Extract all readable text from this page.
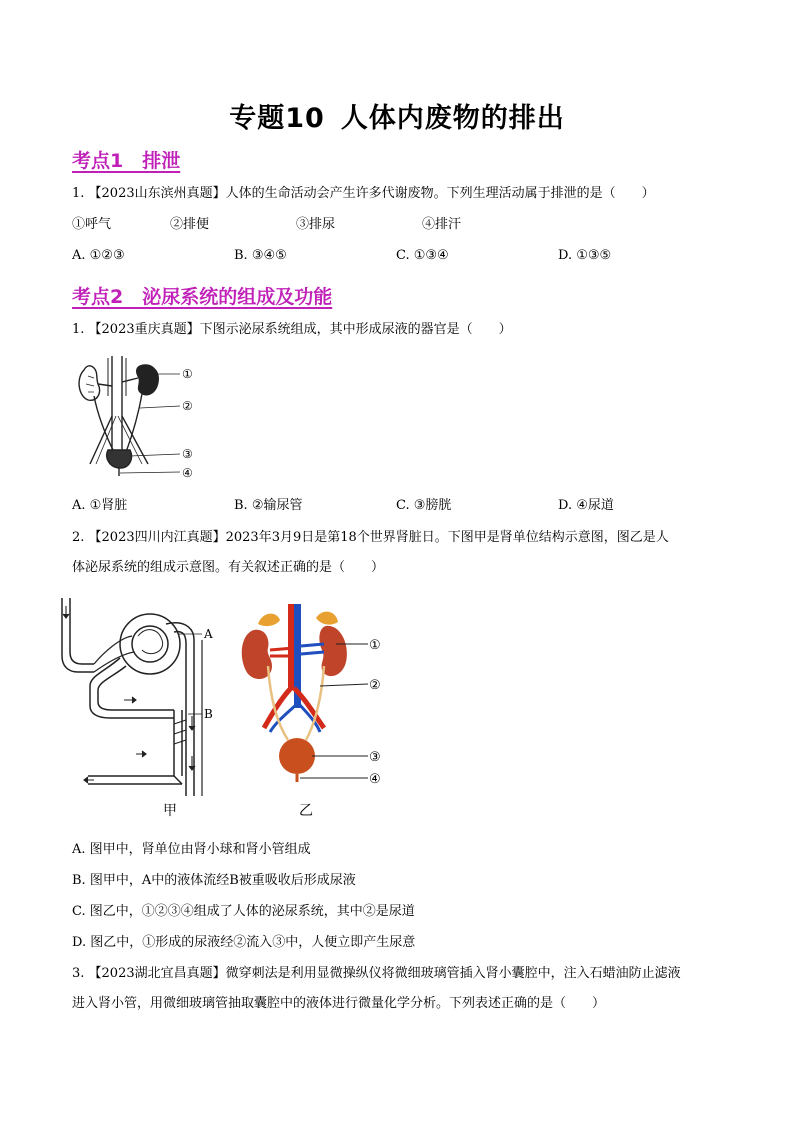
专题10 人体内废物的排出
考点1　排泄
1. 【2023山东滨州真题】人体的生命活动会产生许多代谢废物。下列生理活动属于排泄的是（　　）
①呼气	②排便	③排尿	④排汗
A. ①②③	B. ③④⑤	C. ①③④	D. ①③⑤
考点2　泌尿系统的组成及功能
1. 【2023重庆真题】下图示泌尿系统组成，其中形成尿液的器官是（　　）
①
②
③
④
A. ①肾脏	B. ②输尿管	C. ③膀胱	D. ④尿道
2. 【2023四川内江真题】2023年3月9日是第18个世界肾脏日。下图甲是肾单位结构示意图，图乙是人
体泌尿系统的组成示意图。有关叙述正确的是（　　）
A
B
①
②
③
④
甲	乙
A. 图甲中，肾单位由肾小球和肾小管组成
B. 图甲中，A中的液体流经B被重吸收后形成尿液
C. 图乙中，①②③④组成了人体的泌尿系统，其中②是尿道
D. 图乙中，①形成的尿液经②流入③中，人便立即产生尿意
3. 【2023湖北宜昌真题】微穿刺法是利用显微操纵仪将微细玻璃管插入肾小囊腔中，注入石蜡油防止滤液
进入肾小管，用微细玻璃管抽取囊腔中的液体进行微量化学分析。下列表述正确的是（　　）
